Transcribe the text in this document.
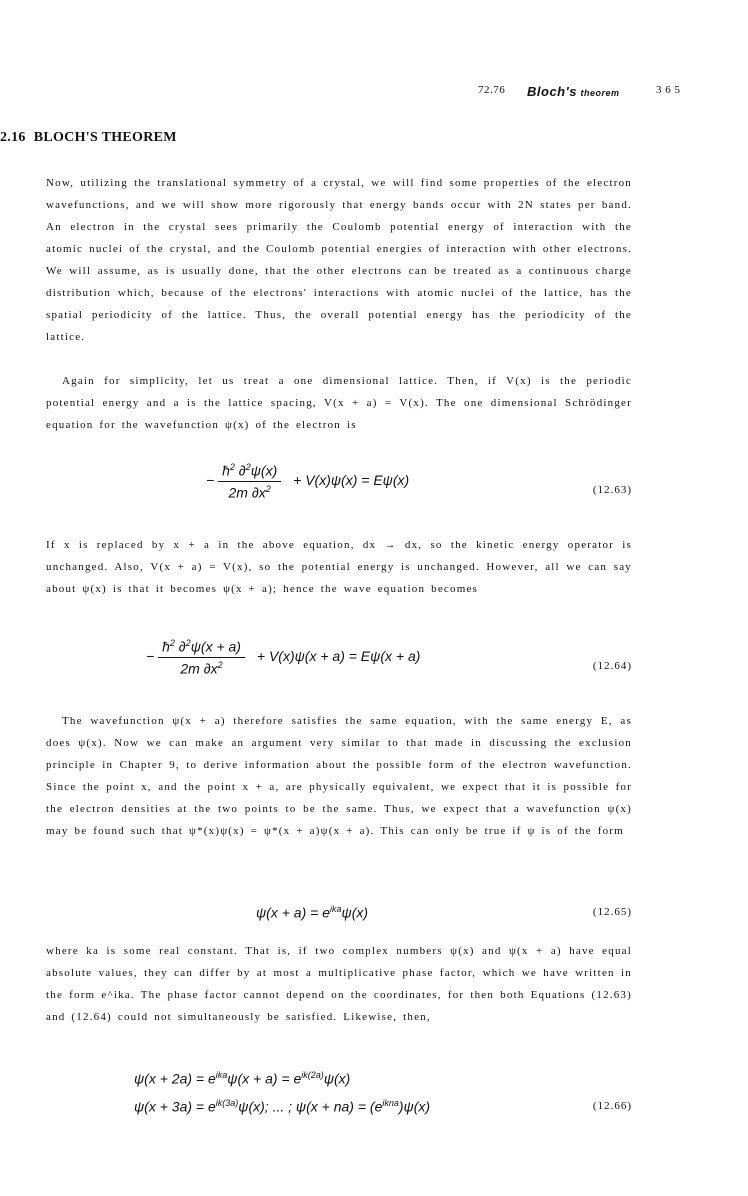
72.76 Bloch's theorem	3 6 5
2.16 BLOCH'S THEOREM

Now, utilizing the translational symmetry of a crystal, we will find some properties of the electron wavefunctions, and we will show more rigorously that energy bands occur with 2N states per band. An electron in the crystal sees primarily the Coulomb potential energy of interaction with the atomic nuclei of the crystal, and the Coulomb potential energies of interaction with other electrons. We will assume, as is usually done, that the other electrons can be treated as a continuous charge distribution which, because of the electrons' interactions with atomic nuclei of the lattice, has the spatial periodicity of the lattice. Thus, the overall potential energy has the periodicity of the lattice.

Again for simplicity, let us treat a one dimensional lattice. Then, if V(x) is the periodic potential energy and a is the lattice spacing, V(x + a) = V(x). The one dimensional Schrödinger equation for the wavefunction ψ(x) of the electron is

− $\frac{ħ^2 \partial^2\psi(x)}{2m \partial x^2} + V(x)\psi(x) = E\psi(x)$
(12.63)

If x is replaced by x + a in the above equation, dx → dx, so the kinetic energy operator is unchanged. Also, V(x + a) = V(x), so the potential energy is unchanged. However, all we can say about ψ(x) is that it becomes ψ(x + a); hence the wave equation becomes

− $\frac{ħ^2 \partial^2\psi(x + a)}{2m \partial x^2} + V(x)\psi(x + a) = E\psi(x + a)$
(12.64)

The wavefunction ψ(x + a) therefore satisfies the same equation, with the same energy E, as does ψ(x). Now we can make an argument very similar to that made in discussing the exclusion principle in Chapter 9, to derive information about the possible form of the electron wavefunction. Since the point x, and the point x + a, are physically equivalent, we expect that it is possible for the electron densities at the two points to be the same. Thus, we expect that a wavefunction ψ(x) may be found such that ψ*(x)ψ(x) = ψ*(x + a)ψ(x + a). This can only be true if ψ is of the form

$\psi(x + a) = e^{ika}\psi(x)$	(12.65)

where ka is some real constant. That is, if two complex numbers ψ(x) and ψ(x + a) have equal absolute values, they can differ by at most a multiplicative phase factor, which we have written in the form e^ika. The phase factor cannot depend on the coordinates, for then both Equations (12.63) and (12.64) could not simultaneously be satisfied. Likewise, then,

$\psi(x + 2a) = e^{ika}\psi(x + a) = e^{ik(2a)}\psi(x)$
$\psi(x + 3a) = e^{ik(3a)}\psi(x)$; ... ; $\psi(x + na) = (e^{ikna})\psi(x)$	(12.66)
